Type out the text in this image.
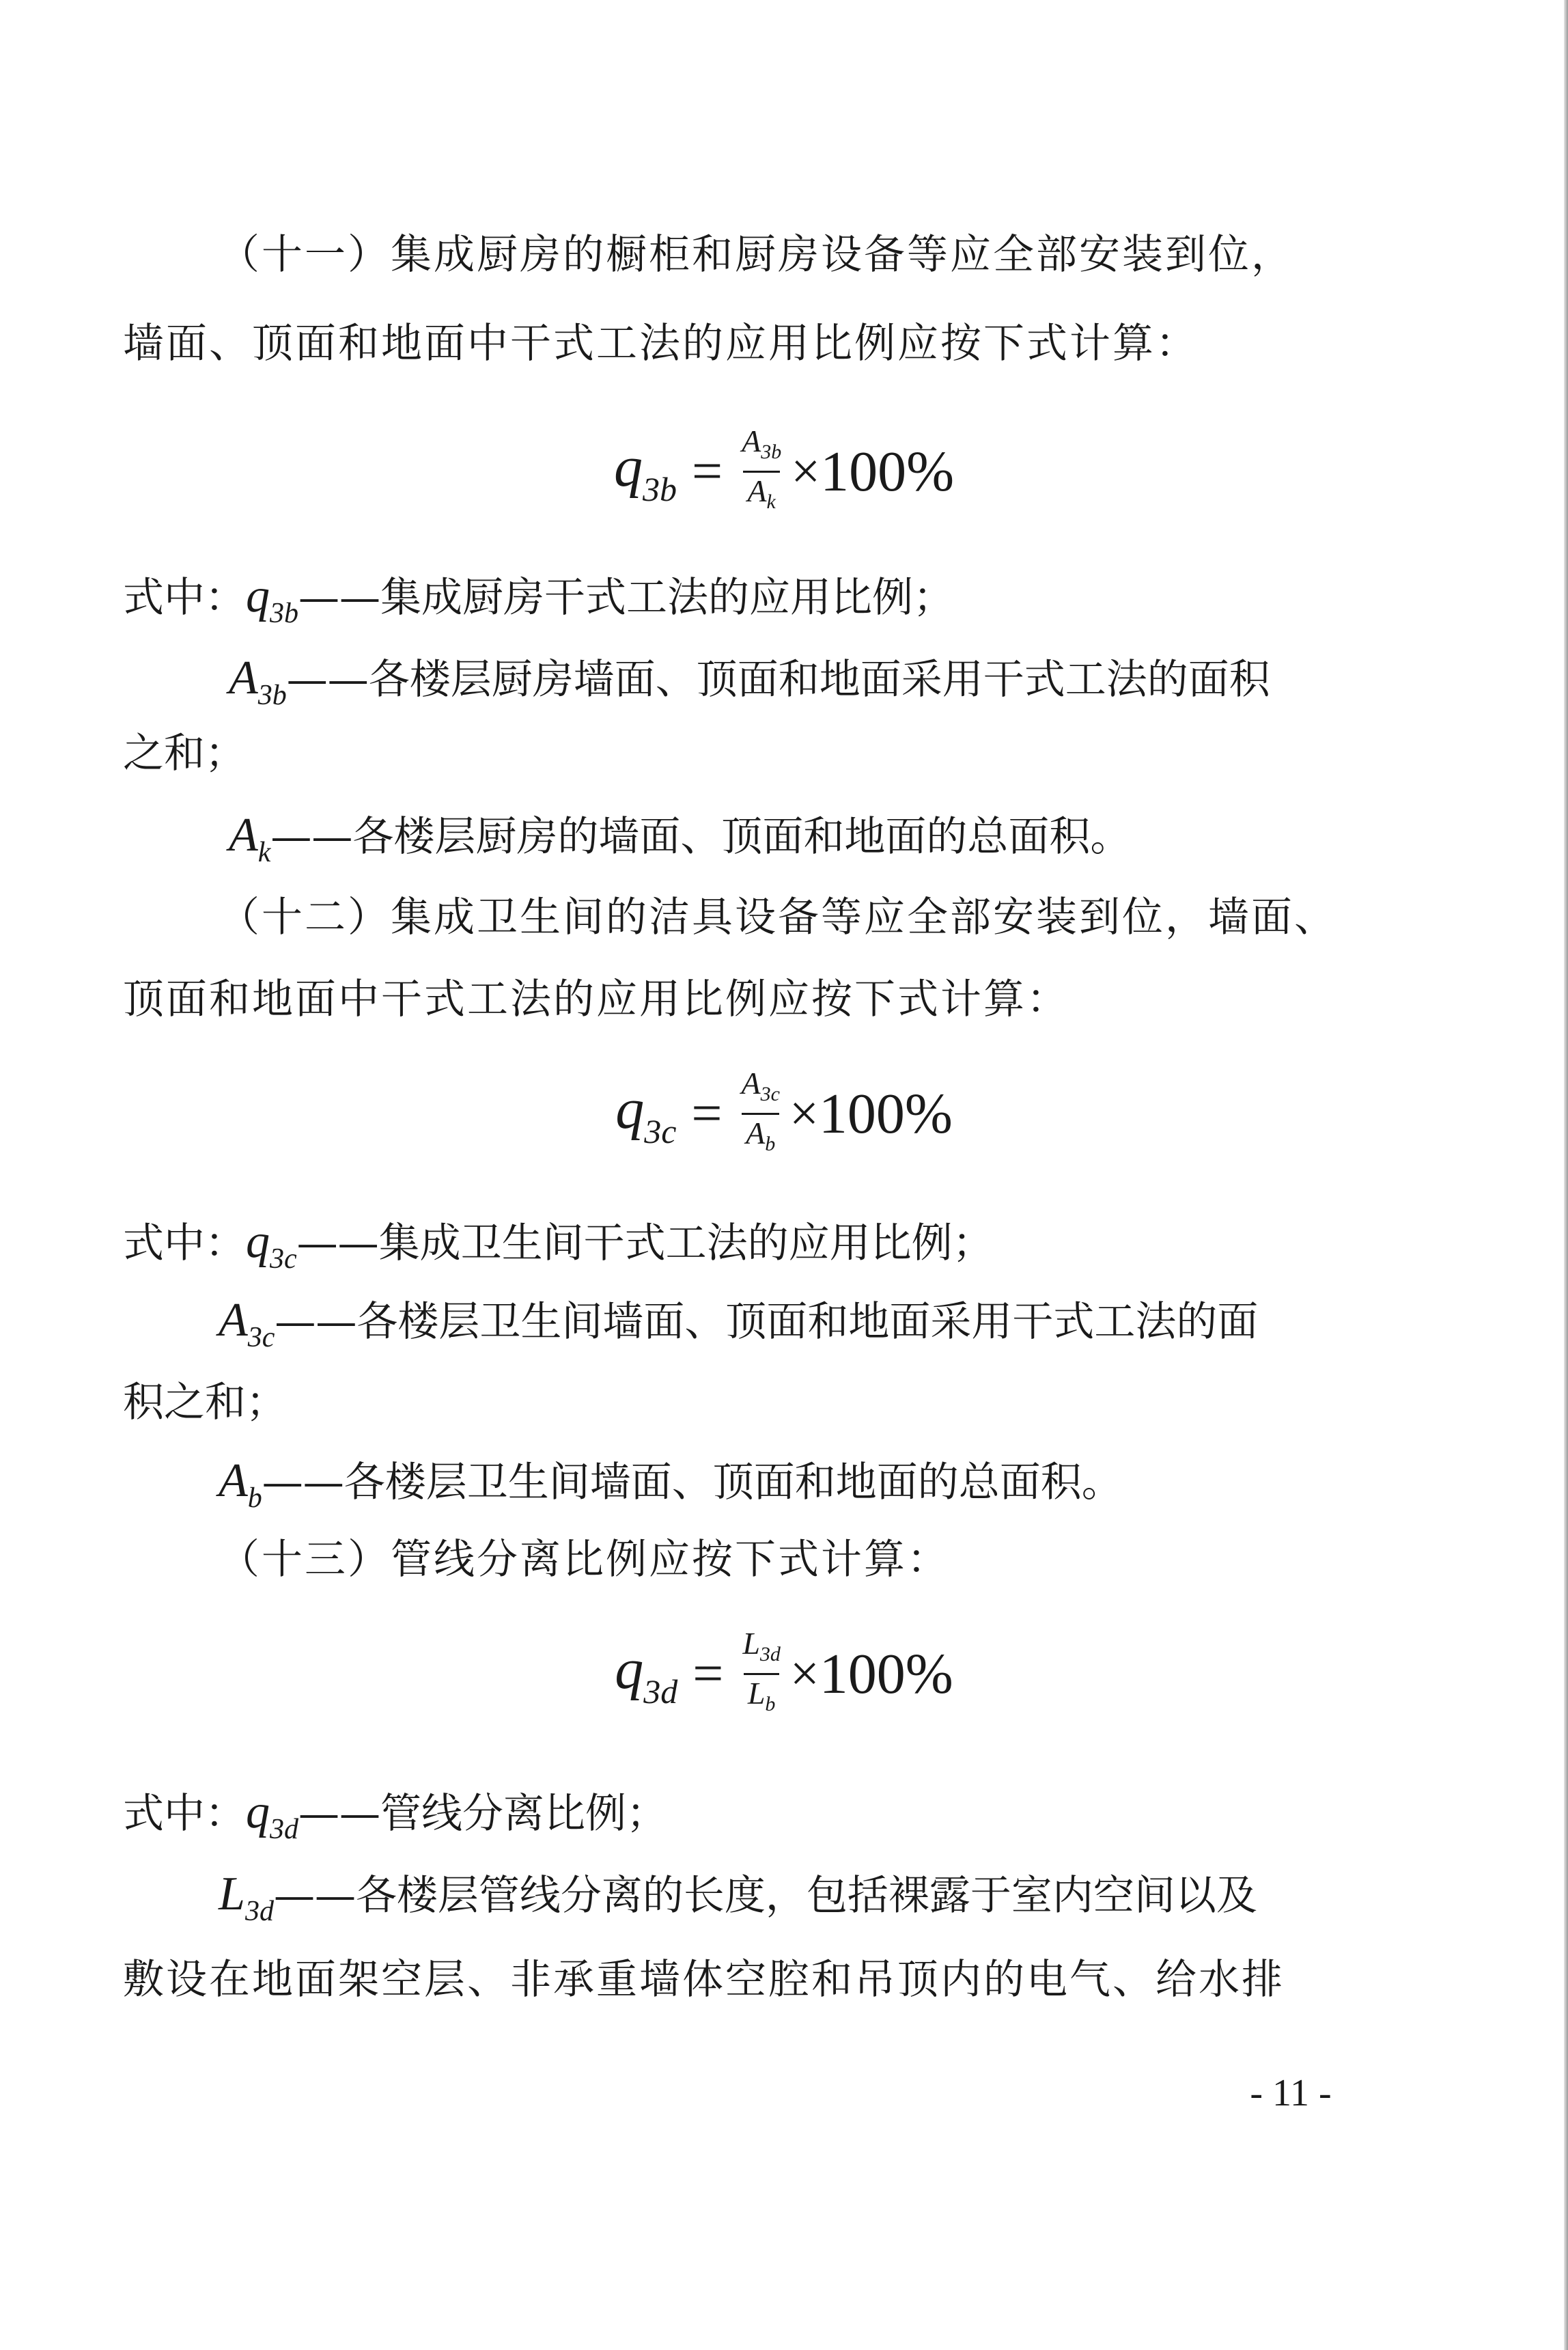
（十一）集成厨房的橱柜和厨房设备等应全部安装到位，
墙面、顶面和地面中干式工法的应用比例应按下式计算：
$q_{3b} = \frac{A_{3b}}{A_k} \times 100\%$
式中：$q_{3b}——$集成厨房干式工法的应用比例；
$A_{3b}——$各楼层厨房墙面、顶面和地面采用干式工法的面积
之和；
$A_k——$各楼层厨房的墙面、顶面和地面的总面积。
（十二）集成卫生间的洁具设备等应全部安装到位，墙面、
顶面和地面中干式工法的应用比例应按下式计算：
$q_{3c} = \frac{A_{3c}}{A_b} \times 100\%$
式中：$q_{3c}——$集成卫生间干式工法的应用比例；
$A_{3c}——$各楼层卫生间墙面、顶面和地面采用干式工法的面
积之和；
$A_b——$各楼层卫生间墙面、顶面和地面的总面积。
（十三）管线分离比例应按下式计算：
$q_{3d} = \frac{L_{3d}}{L_b} \times 100\%$
式中：$q_{3d}——$管线分离比例；
$L_{3d}——$各楼层管线分离的长度，包括裸露于室内空间以及
敷设在地面架空层、非承重墙体空腔和吊顶内的电气、给水排
- 11 -
